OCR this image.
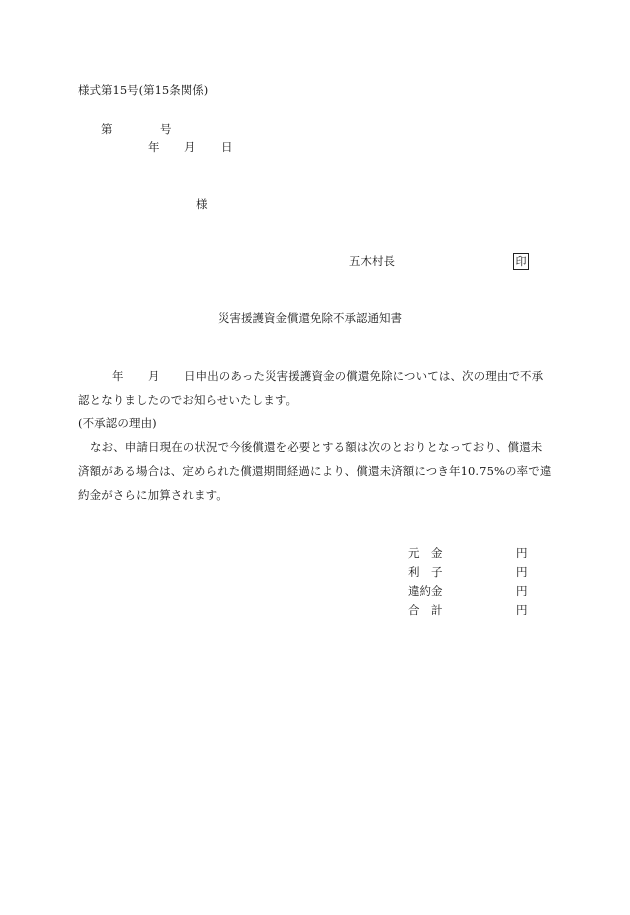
様式第15号(第15条関係)
第	号
年 月 日
様
五木村長	印
災害援護資金償還免除不承認通知書
年 月 日申出のあった災害援護資金の償還免除については、次の理由で不承
認となりましたのでお知らせいたします。
(不承認の理由)
なお、申請日現在の状況で今後償還を必要とする額は次のとおりとなっており、償還未
済額がある場合は、定められた償還期間経過により、償還未済額につき年10.75%の率で違
約金がさらに加算されます。
元　金	円
利　子	円
違約金	円
合　計	円
